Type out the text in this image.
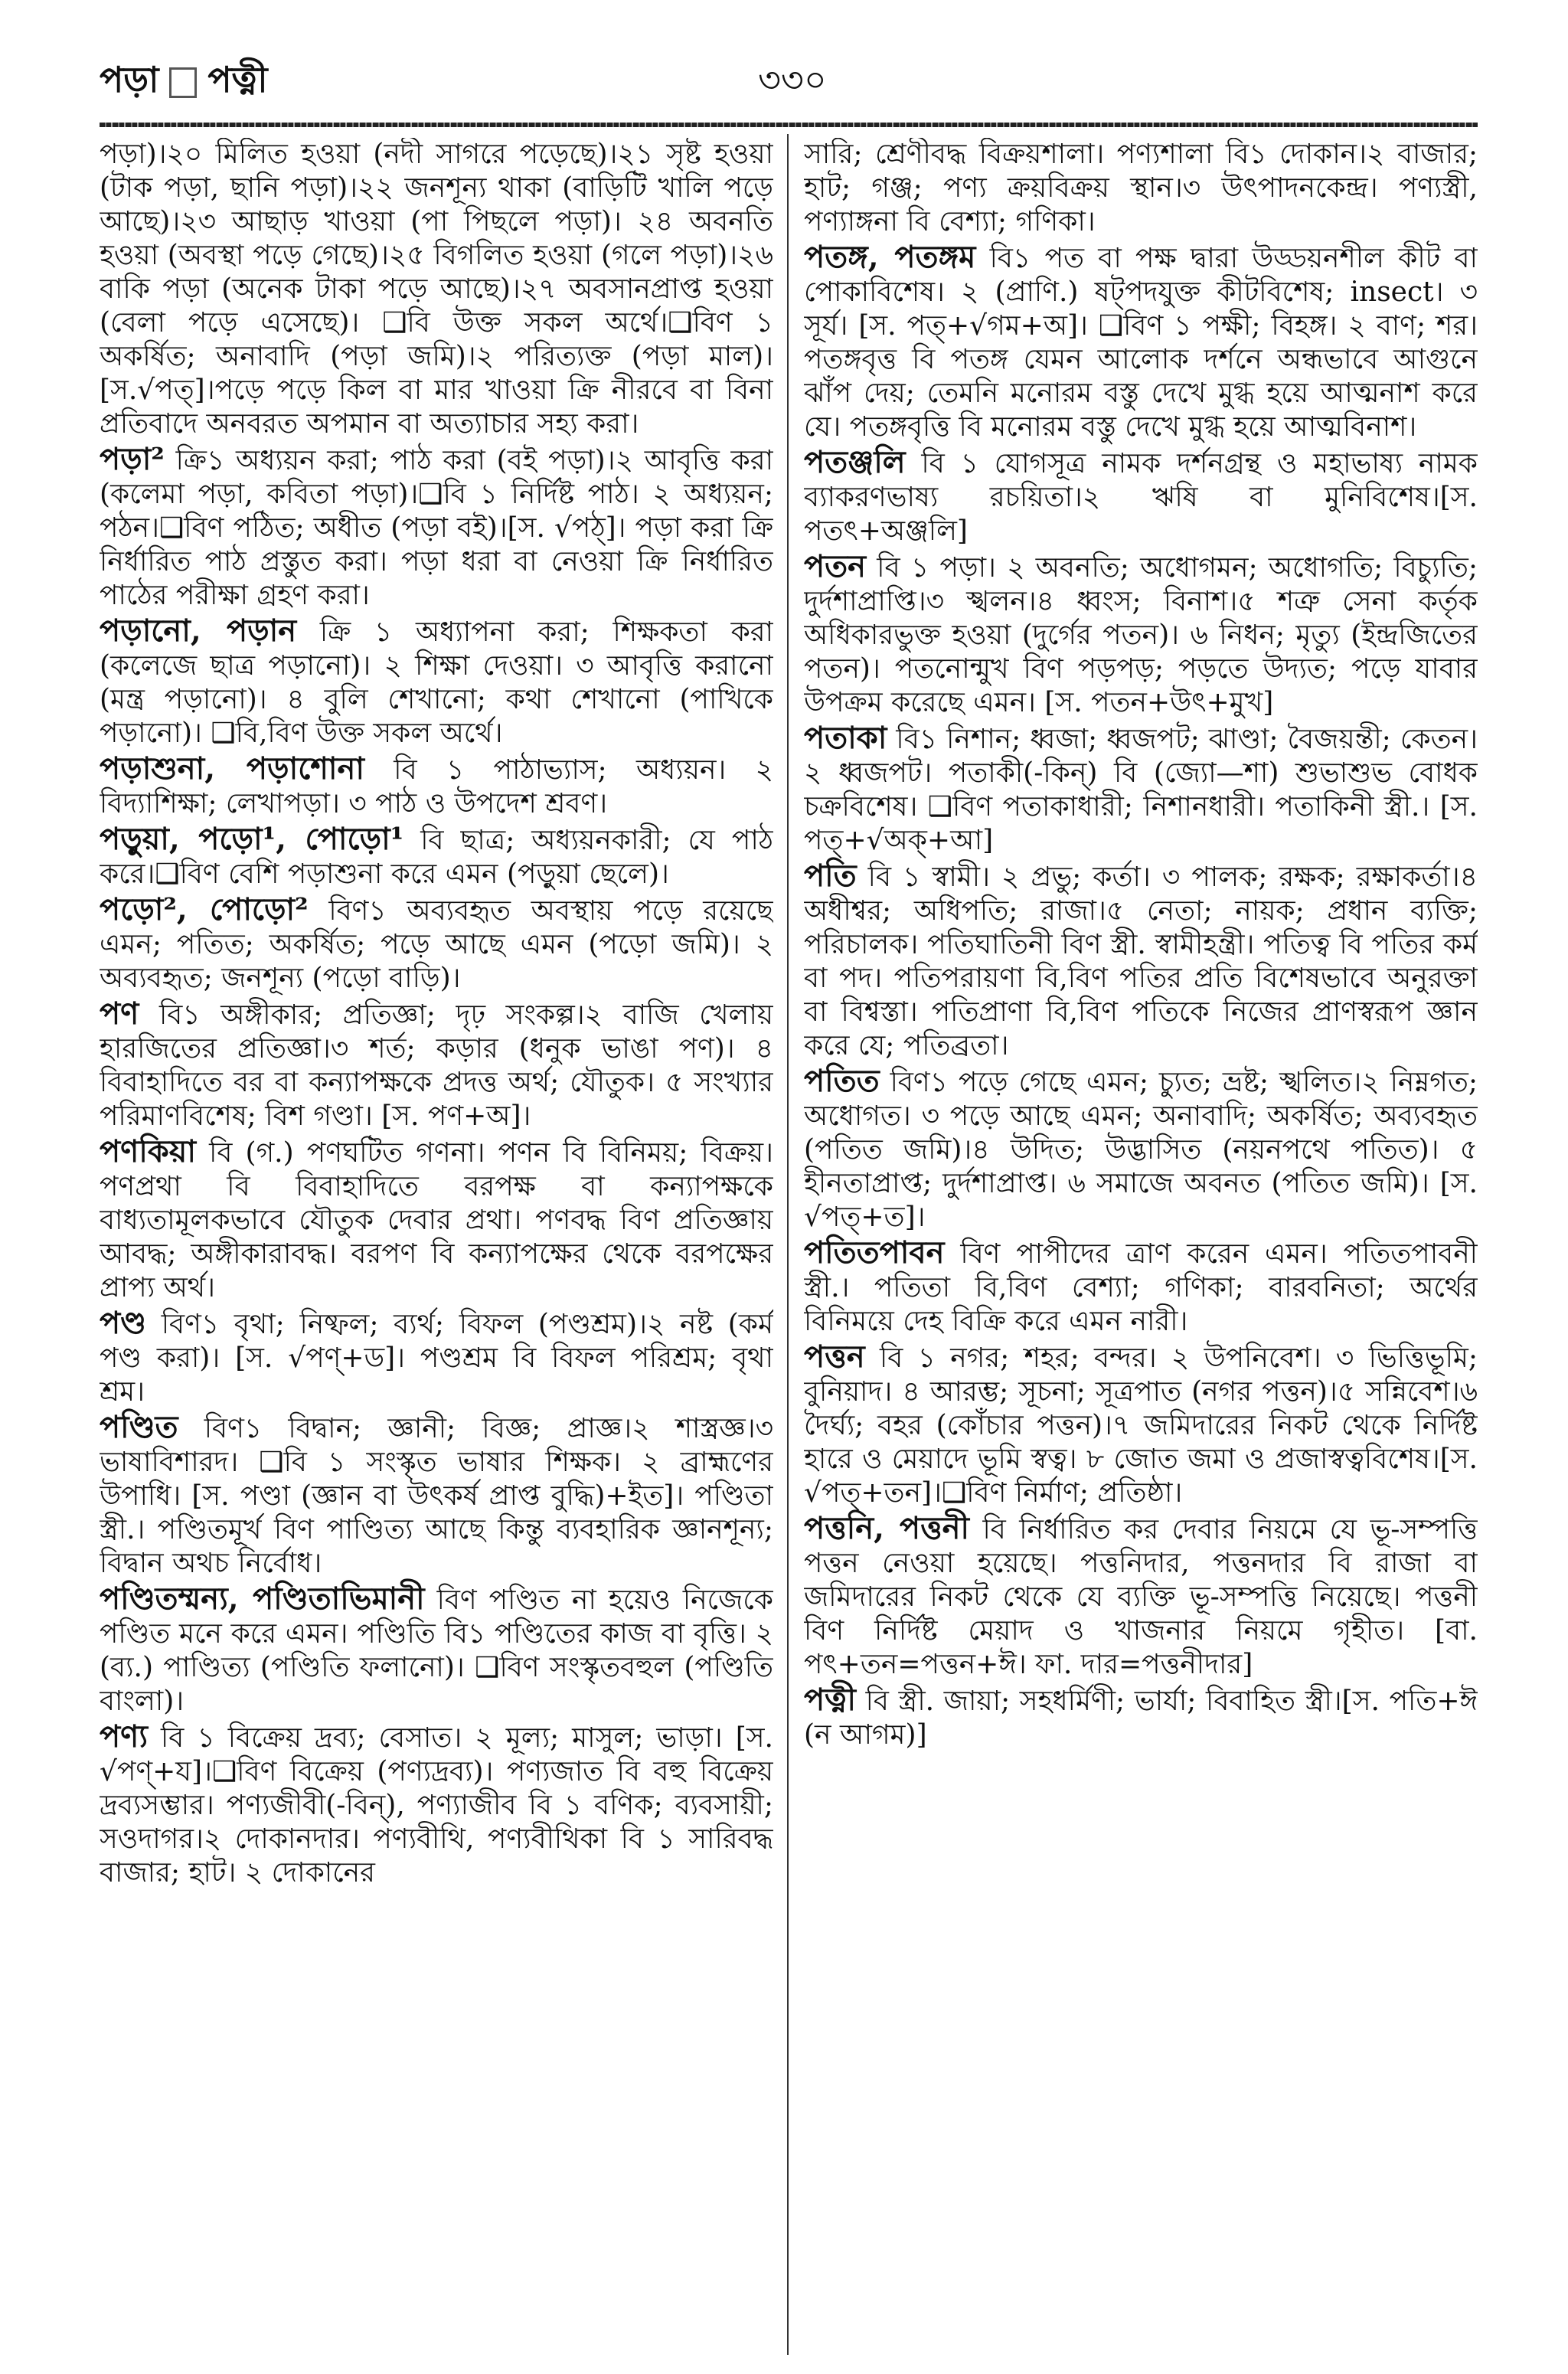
পড়া পত্নী	৩৩০

পড়া)।২০ মিলিত হওয়া (নদী সাগরে পড়েছে)।২১ সৃষ্ট হওয়া (টাক পড়া, ছানি পড়া)।২২ জনশূন্য থাকা (বাড়িটি খালি পড়ে আছে)।২৩ আছাড় খাওয়া (পা পিছলে পড়া)। ২৪ অবনতি হওয়া (অবস্থা পড়ে গেছে)।২৫ বিগলিত হওয়া (গলে পড়া)।২৬ বাকি পড়া (অনেক টাকা পড়ে আছে)।২৭ অবসানপ্রাপ্ত হওয়া (বেলা পড়ে এসেছে)। ❑বি উক্ত সকল অর্থে।❑বিণ ১ অকর্ষিত; অনাবাদি (পড়া জমি)।২ পরিত্যক্ত (পড়া মাল)।[স.√পত্]।পড়ে পড়ে কিল বা মার খাওয়া ক্রি নীরবে বা বিনা প্রতিবাদে অনবরত অপমান বা অত্যাচার সহ্য করা।

পড়া² ক্রি১ অধ্যয়ন করা; পাঠ করা (বই পড়া)।২ আবৃত্তি করা (কলেমা পড়া, কবিতা পড়া)।❑বি ১ নির্দিষ্ট পাঠ। ২ অধ্যয়ন; পঠন।❑বিণ পঠিত; অধীত (পড়া বই)।[স. √পঠ্]। পড়া করা ক্রি নির্ধারিত পাঠ প্রস্তুত করা। পড়া ধরা বা নেওয়া ক্রি নির্ধারিত পাঠের পরীক্ষা গ্রহণ করা।

পড়ানো, পড়ান ক্রি ১ অধ্যাপনা করা; শিক্ষকতা করা (কলেজে ছাত্র পড়ানো)। ২ শিক্ষা দেওয়া। ৩ আবৃত্তি করানো (মন্ত্র পড়ানো)। ৪ বুলি শেখানো; কথা শেখানো (পাখিকে পড়ানো)। ❑বি,বিণ উক্ত সকল অর্থে।

পড়াশুনা, পড়াশোনা বি ১ পাঠাভ্যাস; অধ্যয়ন। ২ বিদ্যাশিক্ষা; লেখাপড়া। ৩ পাঠ ও উপদেশ শ্রবণ।

পড়ুয়া, পড়ো¹, পোড়ো¹ বি ছাত্র; অধ্যয়নকারী; যে পাঠ করে।❑বিণ বেশি পড়াশুনা করে এমন (পড়ুয়া ছেলে)।

পড়ো², পোড়ো² বিণ১ অব্যবহৃত অবস্থায় পড়ে রয়েছে এমন; পতিত; অকর্ষিত; পড়ে আছে এমন (পড়ো জমি)। ২ অব্যবহৃত; জনশূন্য (পড়ো বাড়ি)।

পণ বি১ অঙ্গীকার; প্রতিজ্ঞা; দৃঢ় সংকল্প।২ বাজি খেলায় হারজিতের প্রতিজ্ঞা।৩ শর্ত; কড়ার (ধনুক ভাঙা পণ)। ৪ বিবাহাদিতে বর বা কন্যাপক্ষকে প্রদত্ত অর্থ; যৌতুক। ৫ সংখ্যার পরিমাণবিশেষ; বিশ গণ্ডা। [স. পণ+অ]।

পণকিয়া বি (গ.) পণঘটিত গণনা। পণন বি বিনিময়; বিক্রয়। পণপ্রথা বি বিবাহাদিতে বরপক্ষ বা কন্যাপক্ষকে বাধ্যতামূলকভাবে যৌতুক দেবার প্রথা। পণবদ্ধ বিণ প্রতিজ্ঞায় আবদ্ধ; অঙ্গীকারাবদ্ধ। বরপণ বি কন্যাপক্ষের থেকে বরপক্ষের প্রাপ্য অর্থ।

পণ্ড বিণ১ বৃথা; নিষ্ফল; ব্যর্থ; বিফল (পণ্ডশ্রম)।২ নষ্ট (কর্ম পণ্ড করা)। [স. √পণ্+ড]। পণ্ডশ্রম বি বিফল পরিশ্রম; বৃথা শ্রম।

পণ্ডিত বিণ১ বিদ্বান; জ্ঞানী; বিজ্ঞ; প্রাজ্ঞ।২ শাস্ত্রজ্ঞ।৩ ভাষাবিশারদ। ❑বি ১ সংস্কৃত ভাষার শিক্ষক। ২ ব্রাহ্মণের উপাধি। [স. পণ্ডা (জ্ঞান বা উৎকর্ষ প্রাপ্ত বুদ্ধি)+ইত]। পণ্ডিতা স্ত্রী.। পণ্ডিতমূর্খ বিণ পাণ্ডিত্য আছে কিন্তু ব্যবহারিক জ্ঞানশূন্য; বিদ্বান অথচ নির্বোধ।

পণ্ডিতম্মন্য, পণ্ডিতাভিমানী বিণ পণ্ডিত না হয়েও নিজেকে পণ্ডিত মনে করে এমন। পণ্ডিতি বি১ পণ্ডিতের কাজ বা বৃত্তি। ২ (ব্য.) পাণ্ডিত্য (পণ্ডিতি ফলানো)। ❑বিণ সংস্কৃতবহুল (পণ্ডিতি বাংলা)।

পণ্য বি ১ বিক্রেয় দ্রব্য; বেসাত। ২ মূল্য; মাসুল; ভাড়া। [স. √পণ্+য]।❑বিণ বিক্রেয় (পণ্যদ্রব্য)। পণ্যজাত বি বহু বিক্রেয় দ্রব্যসম্ভার। পণ্যজীবী(-বিন্), পণ্যাজীব বি ১ বণিক; ব্যবসায়ী; সওদাগর।২ দোকানদার। পণ্যবীথি, পণ্যবীথিকা বি ১ সারিবদ্ধ বাজার; হাট। ২ দোকানের

সারি; শ্রেণীবদ্ধ বিক্রয়শালা। পণ্যশালা বি১ দোকান।২ বাজার; হাট; গঞ্জ; পণ্য ক্রয়বিক্রয় স্থান।৩ উৎপাদনকেন্দ্র। পণ্যস্ত্রী, পণ্যাঙ্গনা বি বেশ্যা; গণিকা।

পতঙ্গ, পতঙ্গম বি১ পত বা পক্ষ দ্বারা উড্ডয়নশীল কীট বা পোকাবিশেষ। ২ (প্রাণি.) ষট্পদযুক্ত কীটবিশেষ; insect। ৩ সূর্য। [স. পত্+√গম+অ]। ❑বিণ ১ পক্ষী; বিহঙ্গ। ২ বাণ; শর। পতঙ্গবৃত্ত বি পতঙ্গ যেমন আলোক দর্শনে অন্ধভাবে আগুনে ঝাঁপ দেয়; তেমনি মনোরম বস্তু দেখে মুগ্ধ হয়ে আত্মনাশ করে যে। পতঙ্গবৃত্তি বি মনোরম বস্তু দেখে মুগ্ধ হয়ে আত্মবিনাশ।

পতঞ্জলি বি ১ যোগসূত্র নামক দর্শনগ্রন্থ ও মহাভাষ্য নামক ব্যাকরণভাষ্য রচয়িতা।২ ঋষি বা মুনিবিশেষ।[স. পতৎ+অঞ্জলি]

পতন বি ১ পড়া। ২ অবনতি; অধোগমন; অধোগতি; বিচ্যুতি; দুর্দশাপ্রাপ্তি।৩ স্খলন।৪ ধ্বংস; বিনাশ।৫ শত্রু সেনা কর্তৃক অধিকারভুক্ত হওয়া (দুর্গের পতন)। ৬ নিধন; মৃত্যু (ইন্দ্রজিতের পতন)। পতনোন্মুখ বিণ পড়পড়; পড়তে উদ্যত; পড়ে যাবার উপক্রম করেছে এমন। [স. পতন+উৎ+মুখ]

পতাকা বি১ নিশান; ধ্বজা; ধ্বজপট; ঝাণ্ডা; বৈজয়ন্তী; কেতন। ২ ধ্বজপট। পতাকী(-কিন্) বি (জ্যো—শা) শুভাশুভ বোধক চক্রবিশেষ। ❑বিণ পতাকাধারী; নিশানধারী। পতাকিনী স্ত্রী.। [স. পত্+√অক্+আ]

পতি বি ১ স্বামী। ২ প্রভু; কর্তা। ৩ পালক; রক্ষক; রক্ষাকর্তা।৪ অধীশ্বর; অধিপতি; রাজা।৫ নেতা; নায়ক; প্রধান ব্যক্তি; পরিচালক। পতিঘাতিনী বিণ স্ত্রী. স্বামীহন্ত্রী। পতিত্ব বি পতির কর্ম বা পদ। পতিপরায়ণা বি,বিণ পতির প্রতি বিশেষভাবে অনুরক্তা বা বিশ্বস্তা। পতিপ্রাণা বি,বিণ পতিকে নিজের প্রাণস্বরূপ জ্ঞান করে যে; পতিব্রতা।

পতিত বিণ১ পড়ে গেছে এমন; চ্যুত; ভ্রষ্ট; স্খলিত।২ নিম্নগত; অধোগত। ৩ পড়ে আছে এমন; অনাবাদি; অকর্ষিত; অব্যবহৃত (পতিত জমি)।৪ উদিত; উদ্ভাসিত (নয়নপথে পতিত)। ৫ হীনতাপ্রাপ্ত; দুর্দশাপ্রাপ্ত। ৬ সমাজে অবনত (পতিত জমি)। [স. √পত্+ত]।

পতিতপাবন বিণ পাপীদের ত্রাণ করেন এমন। পতিতপাবনী স্ত্রী.। পতিতা বি,বিণ বেশ্যা; গণিকা; বারবনিতা; অর্থের বিনিময়ে দেহ বিক্রি করে এমন নারী।

পত্তন বি ১ নগর; শহর; বন্দর। ২ উপনিবেশ। ৩ ভিত্তিভূমি; বুনিয়াদ। ৪ আরম্ভ; সূচনা; সূত্রপাত (নগর পত্তন)।৫ সন্নিবেশ।৬ দৈর্ঘ্য; বহর (কোঁচার পত্তন)।৭ জমিদারের নিকট থেকে নির্দিষ্ট হারে ও মেয়াদে ভূমি স্বত্ব। ৮ জোত জমা ও প্রজাস্বত্ববিশেষ।[স. √পত্+তন]।❑বিণ নির্মাণ; প্রতিষ্ঠা।

পত্তনি, পত্তনী বি নির্ধারিত কর দেবার নিয়মে যে ভূ-সম্পত্তি পত্তন নেওয়া হয়েছে। পত্তনিদার, পত্তনদার বি রাজা বা জমিদারের নিকট থেকে যে ব্যক্তি ভূ-সম্পত্তি নিয়েছে। পত্তনী বিণ নির্দিষ্ট মেয়াদ ও খাজনার নিয়মে গৃহীত। [বা. পৎ+তন=পত্তন+ঈ। ফা. দার=পত্তনীদার]

পত্নী বি স্ত্রী. জায়া; সহধর্মিণী; ভার্যা; বিবাহিত স্ত্রী।[স. পতি+ঈ (ন আগম)]
